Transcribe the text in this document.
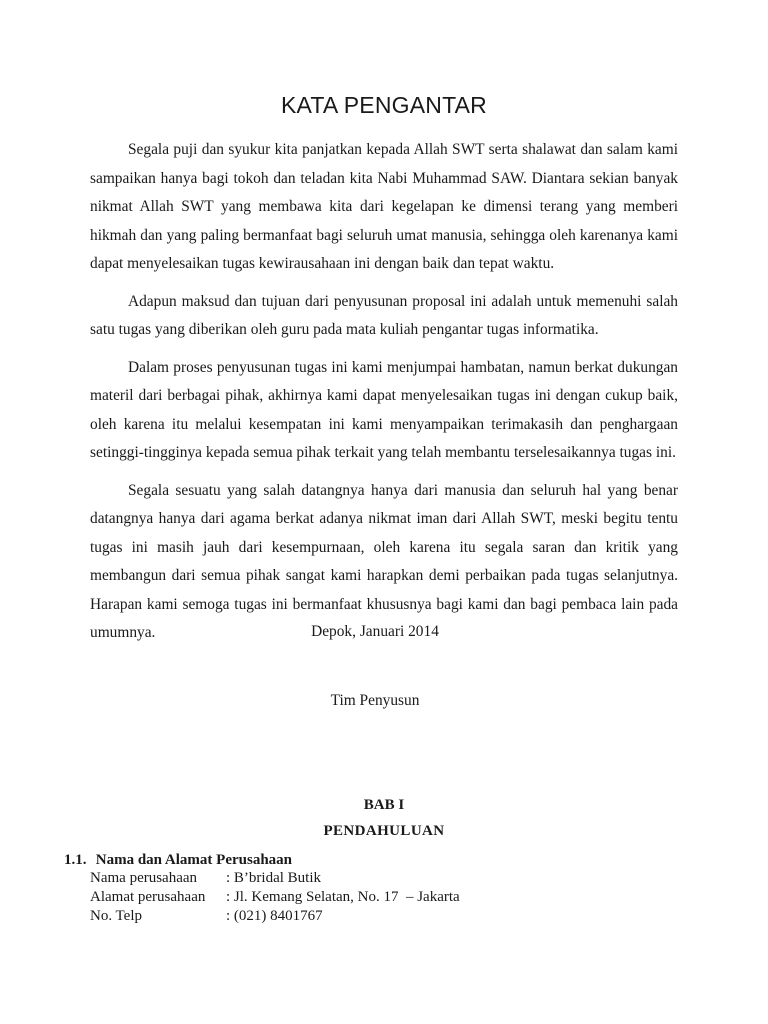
KATA PENGANTAR

Segala puji dan syukur kita panjatkan kepada Allah SWT serta shalawat dan salam kami sampaikan hanya bagi tokoh dan teladan kita Nabi Muhammad SAW. Diantara sekian banyak nikmat Allah SWT yang membawa kita dari kegelapan ke dimensi terang yang memberi hikmah dan yang paling bermanfaat bagi seluruh umat manusia, sehingga oleh karenanya kami dapat menyelesaikan tugas kewirausahaan ini dengan baik dan tepat waktu.

Adapun maksud dan tujuan dari penyusunan proposal ini adalah untuk memenuhi salah satu tugas yang diberikan oleh guru pada mata kuliah pengantar tugas informatika.

Dalam proses penyusunan tugas ini kami menjumpai hambatan, namun berkat dukungan materil dari berbagai pihak, akhirnya kami dapat menyelesaikan tugas ini dengan cukup baik, oleh karena itu melalui kesempatan ini kami menyampaikan terimakasih dan penghargaan setinggi-tingginya kepada semua pihak terkait yang telah membantu terselesaikannya tugas ini.

Segala sesuatu yang salah datangnya hanya dari manusia dan seluruh hal yang benar datangnya hanya dari agama berkat adanya nikmat iman dari Allah SWT, meski begitu tentu tugas ini masih jauh dari kesempurnaan, oleh karena itu segala saran dan kritik yang membangun dari semua pihak sangat kami harapkan demi perbaikan pada tugas selanjutnya. Harapan kami semoga tugas ini bermanfaat khususnya bagi kami dan bagi pembaca lain pada umumnya.	Depok, Januari 2014
Tim Penyusun
BAB I
PENDAHULUAN
1.1. Nama dan Alamat Perusahaan
Nama perusahaan	: B’bridal Butik
Alamat perusahaan	: Jl. Kemang Selatan, No. 17  – Jakarta
No. Telp	: (021) 8401767
